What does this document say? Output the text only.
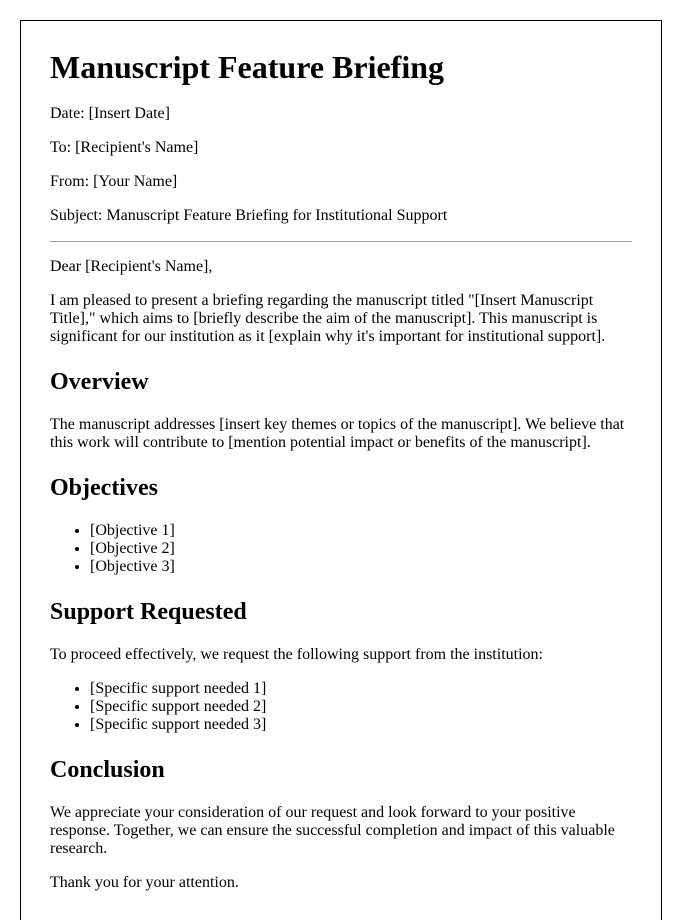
Manuscript Feature Briefing
Date: [Insert Date]
To: [Recipient's Name]
From: [Your Name]
Subject: Manuscript Feature Briefing for Institutional Support

Dear [Recipient's Name],

I am pleased to present a briefing regarding the manuscript titled "[Insert Manuscript Title]," which aims to [briefly describe the aim of the manuscript]. This manuscript is significant for our institution as it [explain why it's important for institutional support].

Overview

The manuscript addresses [insert key themes or topics of the manuscript]. We believe that this work will contribute to [mention potential impact or benefits of the manuscript].

Objectives
• [Objective 1]
• [Objective 2]
• [Objective 3]
Support Requested

To proceed effectively, we request the following support from the institution:

• [Specific support needed 1]
• [Specific support needed 2]
• [Specific support needed 3]
Conclusion

We appreciate your consideration of our request and look forward to your positive response. Together, we can ensure the successful completion and impact of this valuable research.

Thank you for your attention.
